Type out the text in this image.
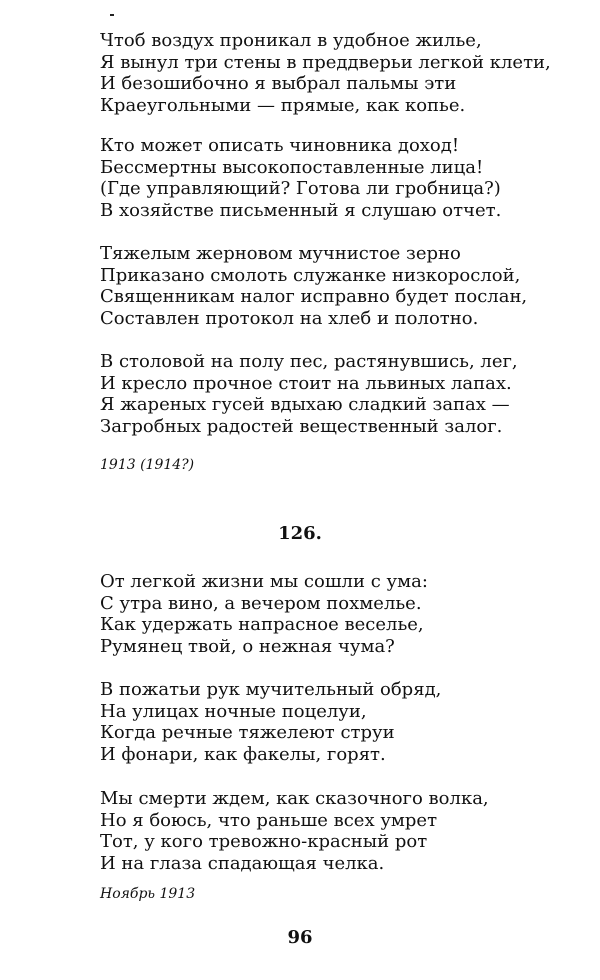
Чтоб воздух проникал в удобное жилье,
Я вынул три стены в преддверьи легкой клети,
И безошибочно я выбрал пальмы эти
Краеугольными — прямые, как копье.
Кто может описать чиновника доход!
Бессмертны высокопоставленные лица!
(Где управляющий? Готова ли гробница?)
В хозяйстве письменный я слушаю отчет.
Тяжелым жерновом мучнистое зерно
Приказано смолоть служанке низкорослой,
Священникам налог исправно будет послан,
Составлен протокол на хлеб и полотно.
В столовой на полу пес, растянувшись, лег,
И кресло прочное стоит на львиных лапах.
Я жареных гусей вдыхаю сладкий запах —
Загробных радостей вещественный залог.
1913 (1914?)
126.
От легкой жизни мы сошли с ума:
С утра вино, а вечером похмелье.
Как удержать напрасное веселье,
Румянец твой, о нежная чума?
В пожатьи рук мучительный обряд,
На улицах ночные поцелуи,
Когда речные тяжелеют струи
И фонари, как факелы, горят.
Мы смерти ждем, как сказочного волка,
Но я боюсь, что раньше всех умрет
Тот, у кого тревожно-красный рот
И на глаза спадающая челка.
Ноябрь 1913
96
